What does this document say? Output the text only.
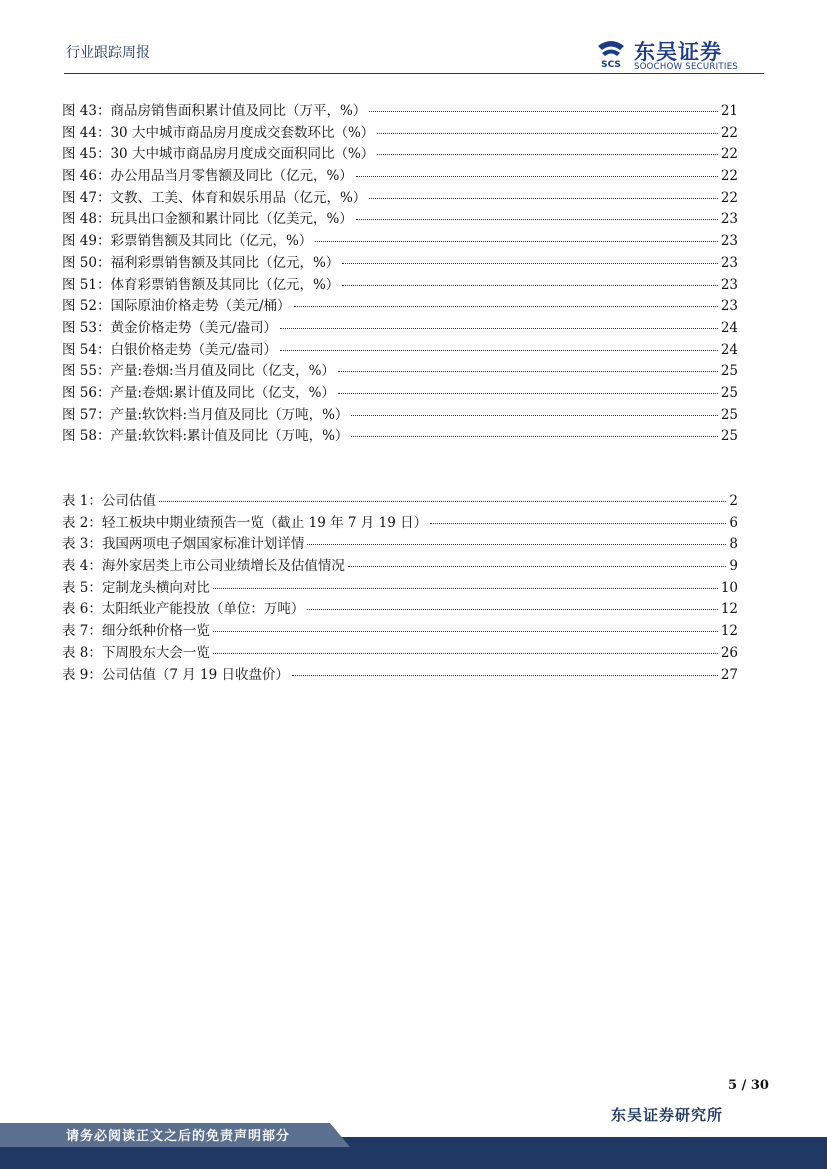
行业跟踪周报
SCS
东吴证券
SOOCHOW SECURITIES
图 43：商品房销售面积累计值及同比（万平，%）	21
图 44：30 大中城市商品房月度成交套数环比（%）	22
图 45：30 大中城市商品房月度成交面积同比（%）	22
图 46：办公用品当月零售额及同比（亿元，%）	22
图 47：文教、工美、体育和娱乐用品（亿元，%）	22
图 48：玩具出口金额和累计同比（亿美元，%）	23
图 49：彩票销售额及其同比（亿元，%）	23
图 50：福利彩票销售额及其同比（亿元，%）	23
图 51：体育彩票销售额及其同比（亿元，%）	23
图 52：国际原油价格走势（美元/桶）	23
图 53：黄金价格走势（美元/盎司）	24
图 54：白银价格走势（美元/盎司）	24
图 55：产量:卷烟:当月值及同比（亿支，%）	25
图 56：产量:卷烟:累计值及同比（亿支，%）	25
图 57：产量:软饮料:当月值及同比（万吨，%）	25
图 58：产量:软饮料:累计值及同比（万吨，%）	25
表 1：公司估值	2
表 2：轻工板块中期业绩预告一览（截止 19 年 7 月 19 日）	6
表 3：我国两项电子烟国家标准计划详情	8
表 4：海外家居类上市公司业绩增长及估值情况	9
表 5：定制龙头横向对比	10
表 6：太阳纸业产能投放（单位：万吨）	12
表 7：细分纸种价格一览	12
表 8：下周股东大会一览	26
表 9：公司估值（7 月 19 日收盘价）	27
5 / 30
东吴证券研究所
请务必阅读正文之后的免责声明部分
